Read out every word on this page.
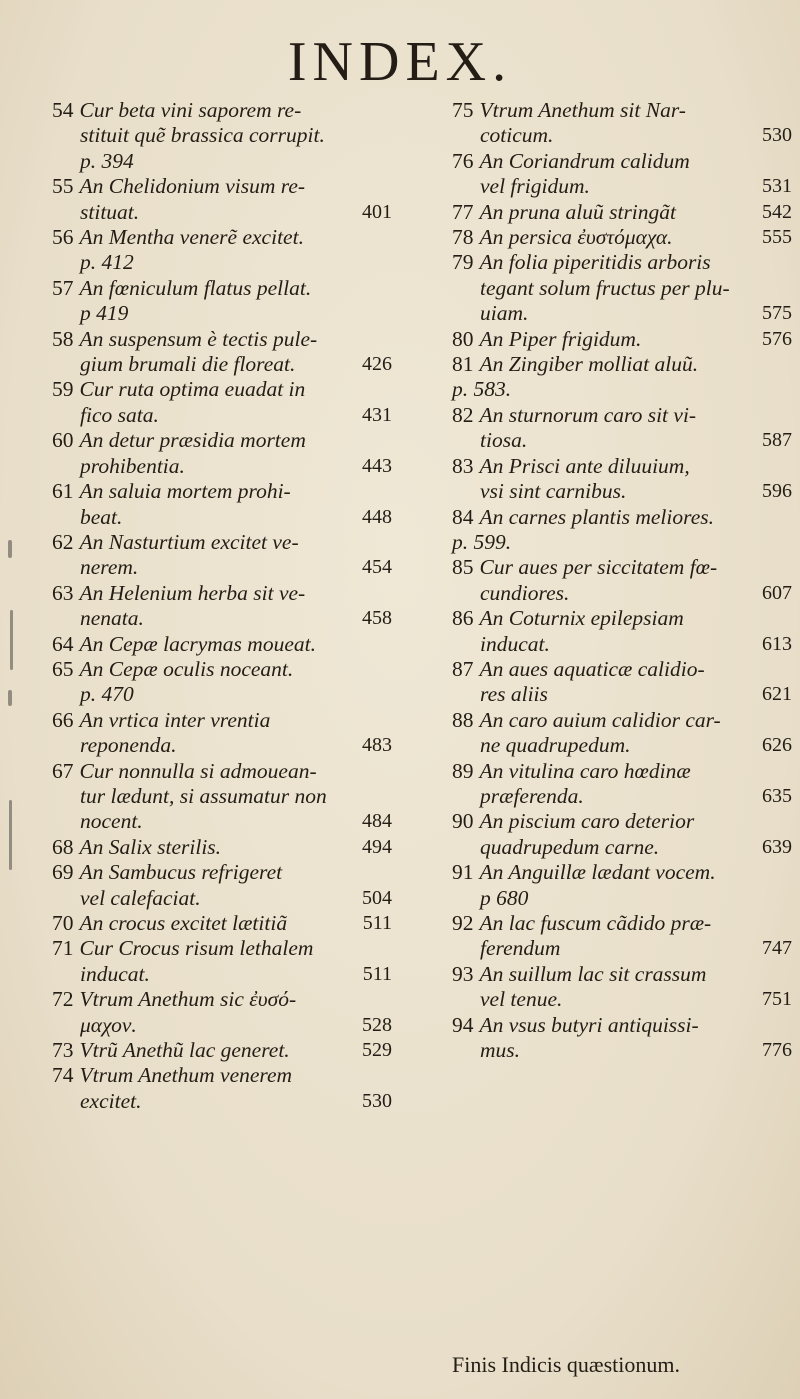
INDEX.
54 Cur beta vini saporem re-
stituit quẽ brassica corrupit.
p. 394
55 An Chelidonium visum re-
stituat.	401
56 An Mentha venerẽ excitet.
p. 412
57 An fœniculum flatus pellat.
p 419
58 An suspensum è tectis pule-
gium brumali die floreat.	426
59 Cur ruta optima euadat in
fico sata.	431
60 An detur præsidia mortem
prohibentia.	443
61 An saluia mortem prohi-
beat.	448
62 An Nasturtium excitet ve-
nerem.	454
63 An Helenium herba sit ve-
nenata.	458
64 An Cepæ lacrymas moueat.
65 An Cepæ oculis noceant.
p. 470
66 An vrtica inter vrentia
reponenda.	483
67 Cur nonnulla si admouean-
tur lædunt, si assumatur non
nocent.	484
68 An Salix sterilis.	494
69 An Sambucus refrigeret
vel calefaciat.	504
70 An crocus excitet lætitiã	511
71 Cur Crocus risum lethalem
inducat.	511
72 Vtrum Anethum sic ἐυσό-
μαχον.	528
73 Vtrũ Anethũ lac generet.	529
74 Vtrum Anethum venerem
excitet.	530
75 Vtrum Anethum sit Nar-
coticum.	530
76 An Coriandrum calidum
vel frigidum.	531
77 An pruna aluũ stringãt	542
78 An persica ἐυστόμαχα.	555
79 An folia piperitidis arboris
tegant solum fructus per plu-
uiam.	575
80 An Piper frigidum.	576
81 An Zingiber molliat aluũ.
p. 583.
82 An sturnorum caro sit vi-
tiosa.	587
83 An Prisci ante diluuium,
vsi sint carnibus.	596
84 An carnes plantis meliores.
p. 599.
85 Cur aues per siccitatem fœ-
cundiores.	607
86 An Coturnix epilepsiam
inducat.	613
87 An aues aquaticæ calidio-
res aliis	621
88 An caro auium calidior car-
ne quadrupedum.	626
89 An vitulina caro hœdinæ
præferenda.	635
90 An piscium caro deterior
quadrupedum carne.	639
91 An Anguillæ lædant vocem.
p 680
92 An lac fuscum cãdido præ-
ferendum	747
93 An suillum lac sit crassum
vel tenue.	751
94 An vsus butyri antiquissi-
mus.	776
Finis Indicis quæstionum.
